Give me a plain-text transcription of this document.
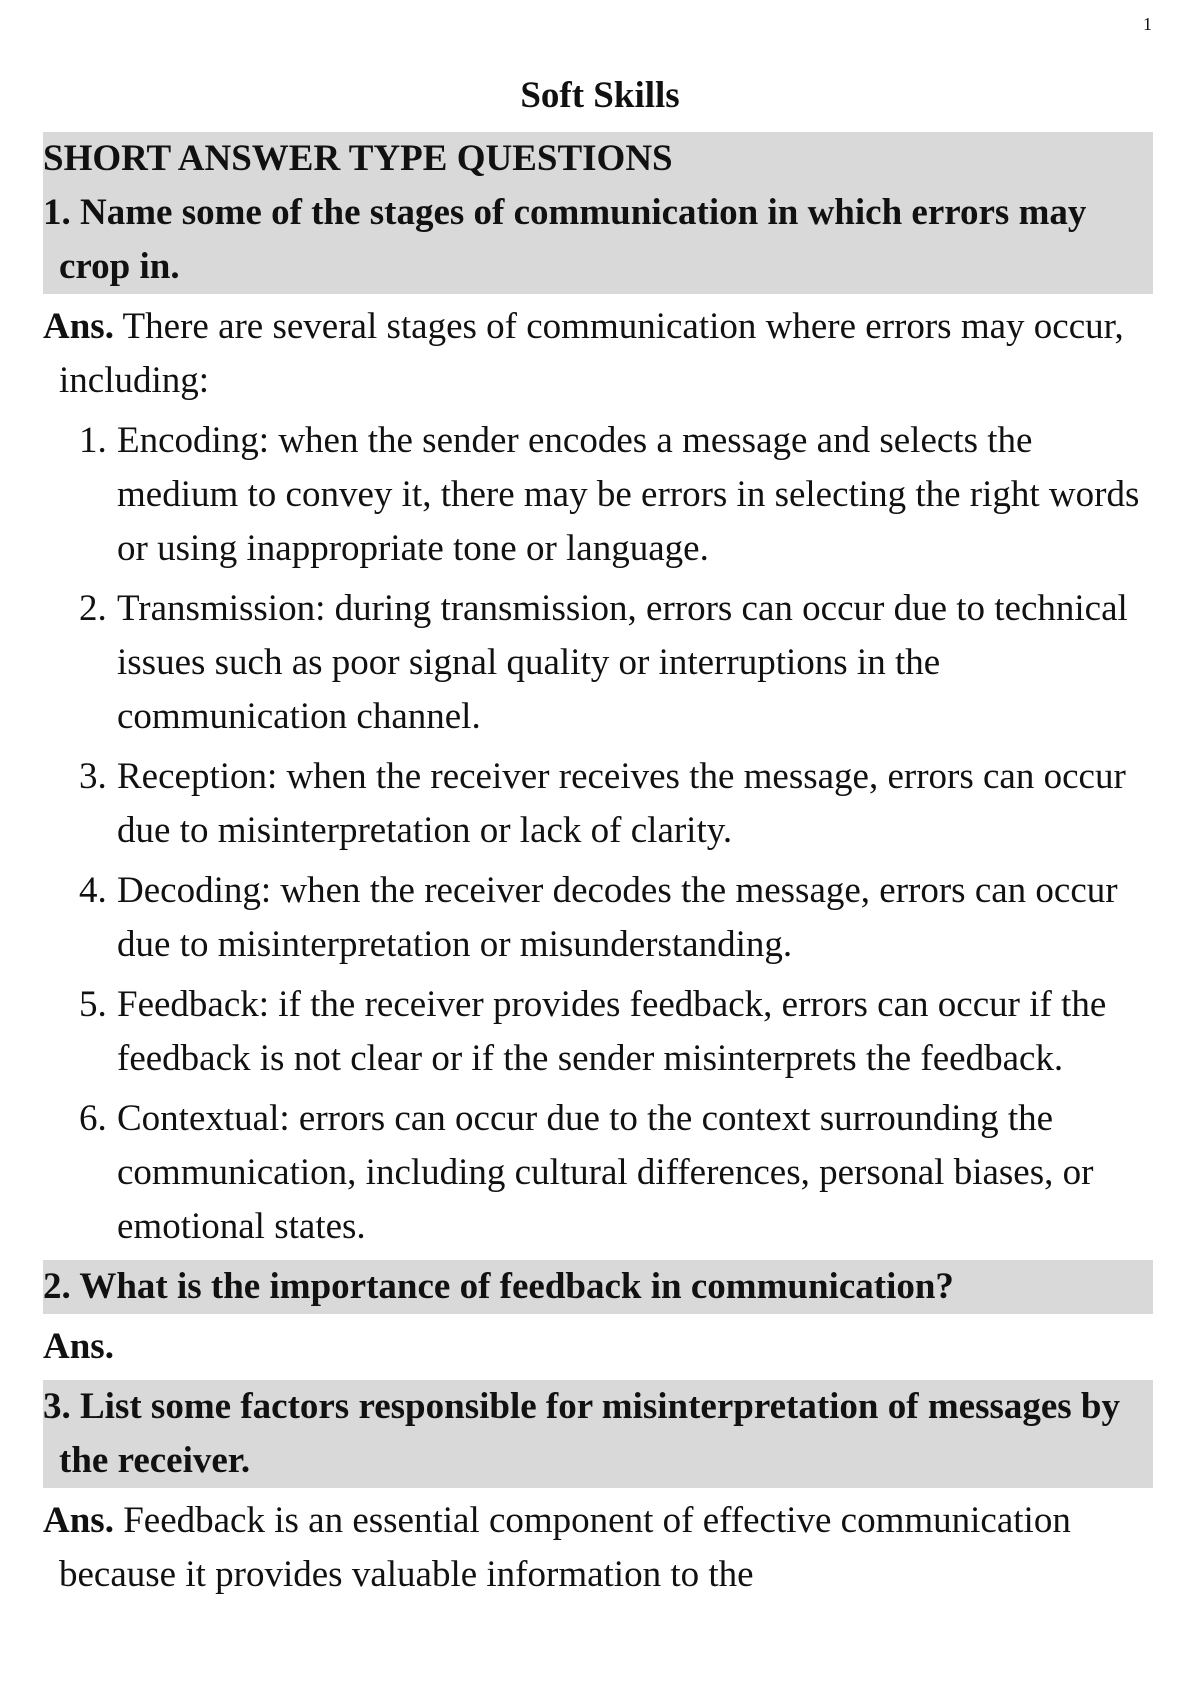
1
Soft Skills
SHORT ANSWER TYPE QUESTIONS
1. Name some of the stages of communication in which errors may crop in.

Ans. There are several stages of communication where errors may occur, including:

1. Encoding: when the sender encodes a message and selects the medium to convey it, there may be errors in selecting the right words or using inappropriate tone or language.
2. Transmission: during transmission, errors can occur due to technical issues such as poor signal quality or interruptions in the communication channel.
3. Reception: when the receiver receives the message, errors can occur due to misinterpretation or lack of clarity.
4. Decoding: when the receiver decodes the message, errors can occur due to misinterpretation or misunderstanding.
5. Feedback: if the receiver provides feedback, errors can occur if the feedback is not clear or if the sender misinterprets the feedback.
6. Contextual: errors can occur due to the context surrounding the communication, including cultural differences, personal biases, or emotional states.
2. What is the importance of feedback in communication?

Ans.

3. List some factors responsible for misinterpretation of messages by the receiver.

Ans. Feedback is an essential component of effective communication because it provides valuable information to the
